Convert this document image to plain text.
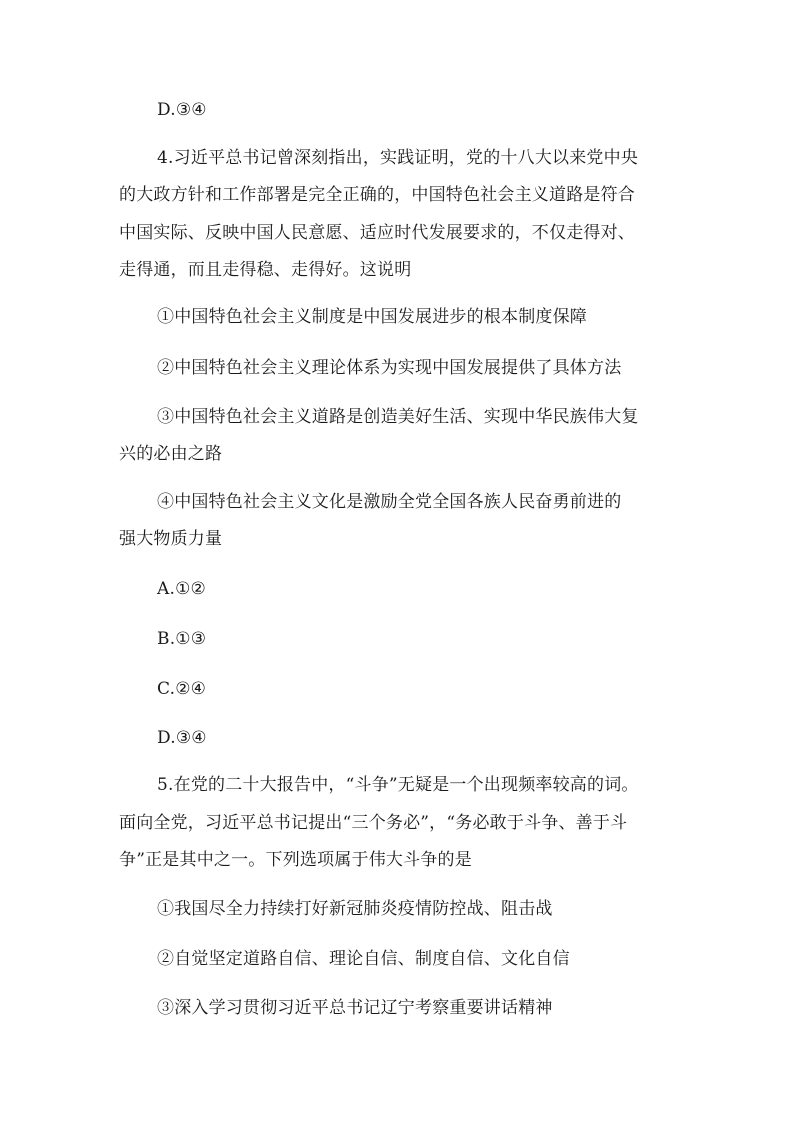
D.③④
4.习近平总书记曾深刻指出，实践证明，党的十八大以来党中央
的大政方针和工作部署是完全正确的，中国特色社会主义道路是符合
中国实际、反映中国人民意愿、适应时代发展要求的，不仅走得对、
走得通，而且走得稳、走得好。这说明
①中国特色社会主义制度是中国发展进步的根本制度保障
②中国特色社会主义理论体系为实现中国发展提供了具体方法
③中国特色社会主义道路是创造美好生活、实现中华民族伟大复
兴的必由之路
④中国特色社会主义文化是激励全党全国各族人民奋勇前进的
强大物质力量
A.①②
B.①③
C.②④
D.③④
5.在党的二十大报告中，“斗争”无疑是一个出现频率较高的词。
面向全党，习近平总书记提出“三个务必”，“务必敢于斗争、善于斗
争”正是其中之一。下列选项属于伟大斗争的是
①我国尽全力持续打好新冠肺炎疫情防控战、阻击战
②自觉坚定道路自信、理论自信、制度自信、文化自信
③深入学习贯彻习近平总书记辽宁考察重要讲话精神
